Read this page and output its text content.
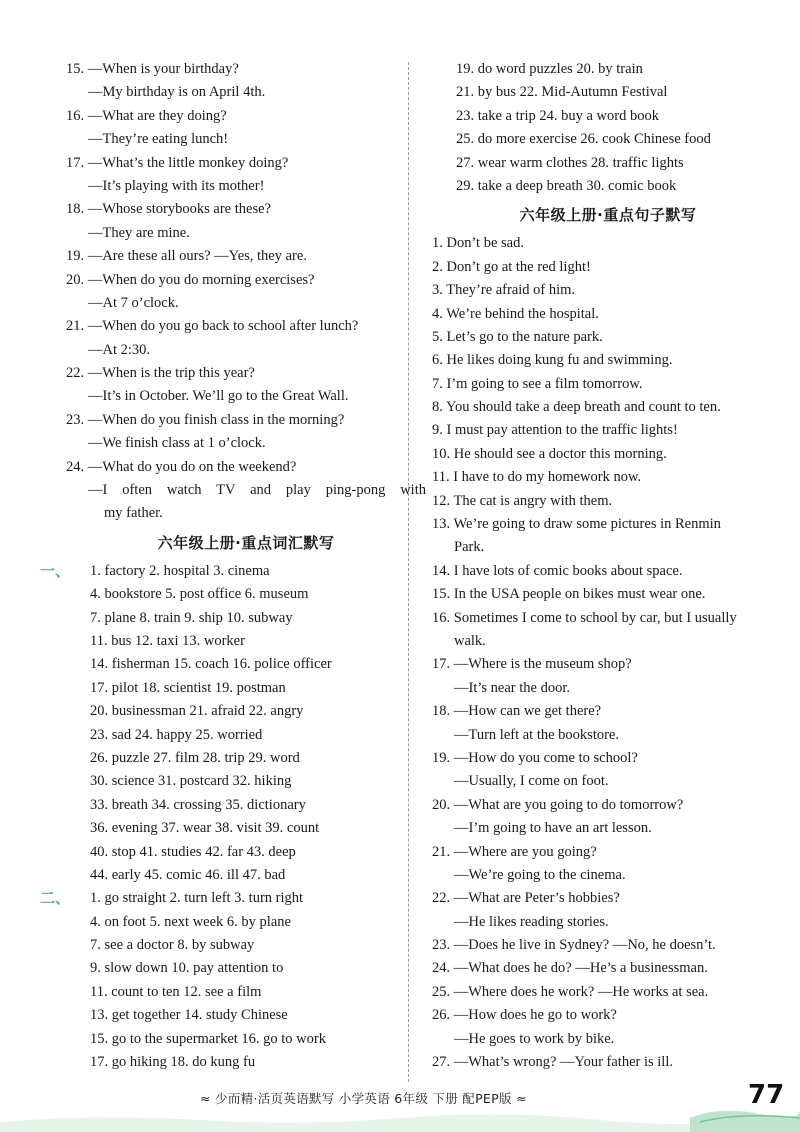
15. —When is your birthday?
—My birthday is on April 4th.
16. —What are they doing?
—They’re eating lunch!
17. —What’s the little monkey doing?
—It’s playing with its mother!
18. —Whose storybooks are these?
—They are mine.
19. —Are these all ours? —Yes, they are.
20. —When do you do morning exercises?
—At 7 o’clock.
21. —When do you go back to school after lunch?
—At 2:30.
22. —When is the trip this year?
—It’s in October. We’ll go to the Great Wall.
23. —When do you finish class in the morning?
—We finish class at 1 o’clock.
24. —What do you do on the weekend?
—I often watch TV and play ping-pong with
my father.
六年级上册·重点词汇默写
一、	1. factory 2. hospital 3. cinema
4. bookstore 5. post office 6. museum
7. plane 8. train 9. ship 10. subway
11. bus 12. taxi 13. worker
14. fisherman 15. coach 16. police officer
17. pilot 18. scientist 19. postman
20. businessman 21. afraid 22. angry
23. sad 24. happy 25. worried
26. puzzle 27. film 28. trip 29. word
30. science 31. postcard 32. hiking
33. breath 34. crossing 35. dictionary
36. evening 37. wear 38. visit 39. count
40. stop 41. studies 42. far 43. deep
44. early 45. comic 46. ill 47. bad
二、	1. go straight 2. turn left 3. turn right
4. on foot 5. next week 6. by plane
7. see a doctor 8. by subway
9. slow down 10. pay attention to
11. count to ten 12. see a film
13. get together 14. study Chinese
15. go to the supermarket 16. go to work
17. go hiking 18. do kung fu
19. do word puzzles 20. by train
21. by bus 22. Mid-Autumn Festival
23. take a trip 24. buy a word book
25. do more exercise 26. cook Chinese food
27. wear warm clothes 28. traffic lights
29. take a deep breath 30. comic book
六年级上册·重点句子默写
1. Don’t be sad.
2. Don’t go at the red light!
3. They’re afraid of him.
4. We’re behind the hospital.
5. Let’s go to the nature park.
6. He likes doing kung fu and swimming.
7. I’m going to see a film tomorrow.
8. You should take a deep breath and count to ten.
9. I must pay attention to the traffic lights!
10. He should see a doctor this morning.
11. I have to do my homework now.
12. The cat is angry with them.
13. We’re going to draw some pictures in Renmin
Park.
14. I have lots of comic books about space.
15. In the USA people on bikes must wear one.
16. Sometimes I come to school by car, but I usually
walk.
17. —Where is the museum shop?
—It’s near the door.
18. —How can we get there?
—Turn left at the bookstore.
19. —How do you come to school?
—Usually, I come on foot.
20. —What are you going to do tomorrow?
—I’m going to have an art lesson.
21. —Where are you going?
—We’re going to the cinema.
22. —What are Peter’s hobbies?
—He likes reading stories.
23. —Does he live in Sydney? —No, he doesn’t.
24. —What does he do? —He’s a businessman.
25. —Where does he work? —He works at sea.
26. —How does he go to work?
—He goes to work by bike.
27. —What’s wrong? —Your father is ill.
≈ 少而精·活页英语默写 小学英语 6年级 下册 配PEP版 ≈	77
